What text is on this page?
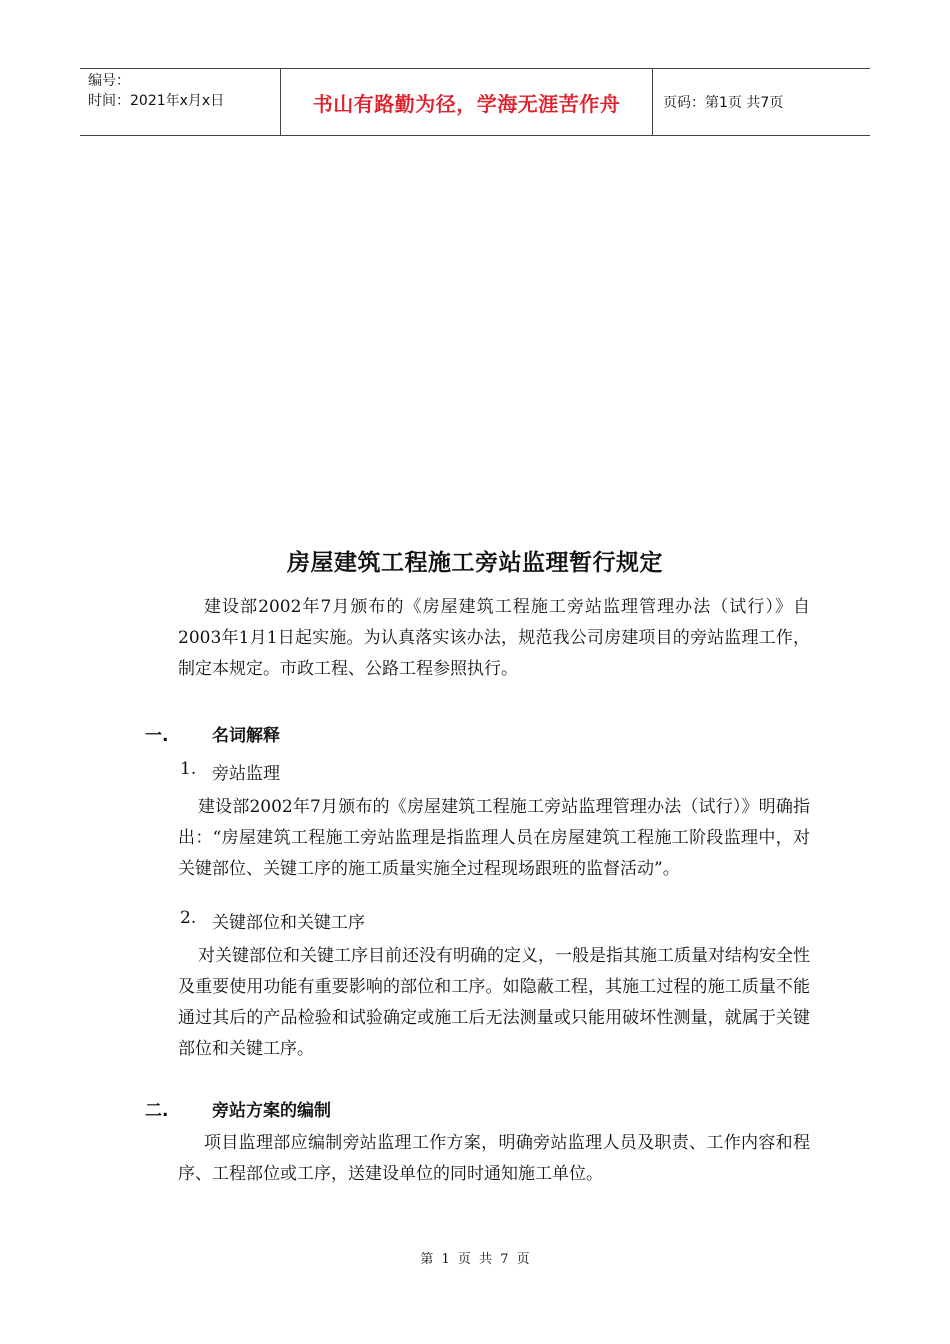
编号：
时间：2021年x月x日	书山有路勤为径，学海无涯苦作舟	页码：第1页 共7页
房屋建筑工程施工旁站监理暂行规定
建设部2002年7月颁布的《房屋建筑工程施工旁站监理管理办法（试行）》自2003年1月1日起实施。为认真落实该办法，规范我公司房建项目的旁站监理工作，制定本规定。市政工程、公路工程参照执行。
一.	名词解释
1. 旁站监理
建设部2002年7月颁布的《房屋建筑工程施工旁站监理管理办法（试行）》明确指出：“房屋建筑工程施工旁站监理是指监理人员在房屋建筑工程施工阶段监理中，对关键部位、关键工序的施工质量实施全过程现场跟班的监督活动”。
2. 关键部位和关键工序
对关键部位和关键工序目前还没有明确的定义，一般是指其施工质量对结构安全性及重要使用功能有重要影响的部位和工序。如隐蔽工程，其施工过程的施工质量不能通过其后的产品检验和试验确定或施工后无法测量或只能用破坏性测量，就属于关键部位和关键工序。
二.	旁站方案的编制
项目监理部应编制旁站监理工作方案，明确旁站监理人员及职责、工作内容和程序、工程部位或工序，送建设单位的同时通知施工单位。
第 1 页 共 7 页
